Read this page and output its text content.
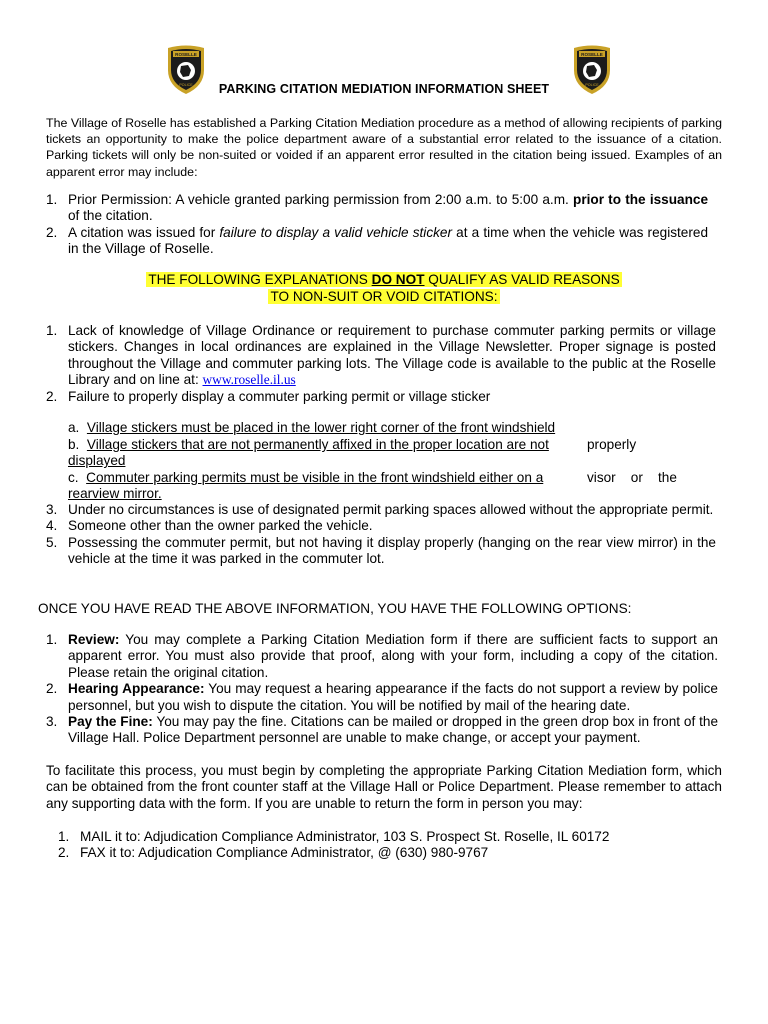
ROSELLE
POLICE
ROSELLE
POLICE
PARKING CITATION MEDIATION INFORMATION SHEET
The Village of Roselle has established a Parking Citation Mediation procedure as a method of allowing recipients of parking tickets an opportunity to make the police department aware of a substantial error related to the issuance of a citation. Parking tickets will only be non-suited or voided if an apparent error resulted in the citation being issued. Examples of an apparent error may include:
1. Prior Permission: A vehicle granted parking permission from 2:00 a.m. to 5:00 a.m. prior to the issuance of the citation.
2. A citation was issued for failure to display a valid vehicle sticker at a time when the vehicle was registered in the Village of Roselle.
THE FOLLOWING EXPLANATIONS DO NOT QUALIFY AS VALID REASONS
TO NON-SUIT OR VOID CITATIONS:
1. Lack of knowledge of Village Ordinance or requirement to purchase commuter parking permits or village stickers. Changes in local ordinances are explained in the Village Newsletter. Proper signage is posted throughout the Village and commuter parking lots. The Village code is available to the public at the Roselle Library and on line at: www.roselle.il.us
2. Failure to properly display a commuter parking permit or village sticker
a. Village stickers must be placed in the lower right corner of the front windshield
b. Village stickers that are not permanently affixed in the proper location are not	properly
displayed
c. Commuter parking permits must be visible in the front windshield either on a	visor    or    the
rearview mirror.
3. Under no circumstances is use of designated permit parking spaces allowed without the appropriate permit.
4. Someone other than the owner parked the vehicle.
5. Possessing the commuter permit, but not having it display properly (hanging on the rear view mirror) in the vehicle at the time it was parked in the commuter lot.
ONCE YOU HAVE READ THE ABOVE INFORMATION, YOU HAVE THE FOLLOWING OPTIONS:
1. Review: You may complete a Parking Citation Mediation form if there are sufficient facts to support an apparent error. You must also provide that proof, along with your form, including a copy of the citation. Please retain the original citation.
2. Hearing Appearance: You may request a hearing appearance if the facts do not support a review by police personnel, but you wish to dispute the citation. You will be notified by mail of the hearing date.
3. Pay the Fine: You may pay the fine. Citations can be mailed or dropped in the green drop box in front of the Village Hall. Police Department personnel are unable to make change, or accept your payment.
To facilitate this process, you must begin by completing the appropriate Parking Citation Mediation form, which can be obtained from the front counter staff at the Village Hall or Police Department. Please remember to attach any supporting data with the form. If you are unable to return the form in person you may:
1. MAIL it to: Adjudication Compliance Administrator, 103 S. Prospect St. Roselle, IL 60172
2. FAX it to: Adjudication Compliance Administrator, @ (630) 980-9767
